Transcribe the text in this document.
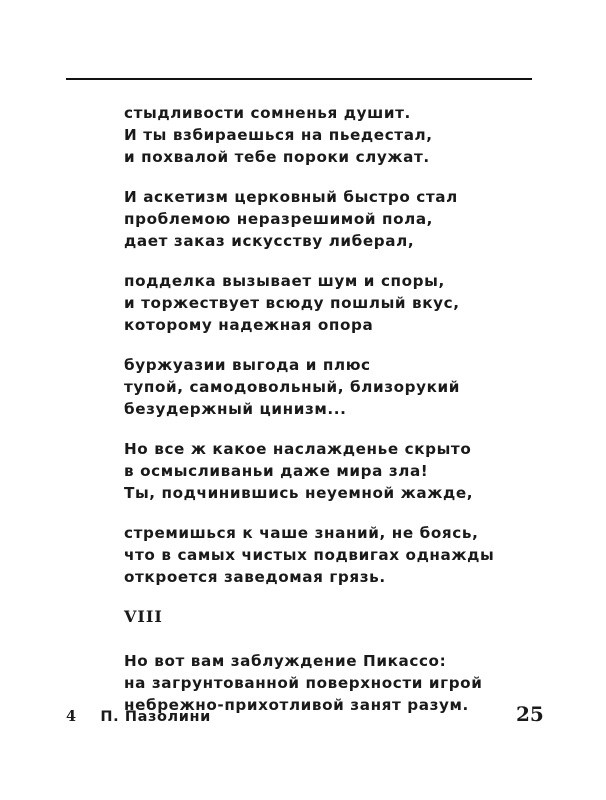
стыдливости сомненья душит.
И ты взбираешься на пьедестал,
и похвалой тебе пороки служат.
И аскетизм церковный быстро стал
проблемою неразрешимой пола,
дает заказ искусству либерал,
подделка вызывает шум и споры,
и торжествует всюду пошлый вкус,
которому надежная опора
буржуазии выгода и плюс
тупой, самодовольный, близорукий
безудержный цинизм...
Но все ж какое наслажденье скрыто
в осмысливаньи даже мира зла!
Ты, подчинившись неуемной жажде,
стремишься к чаше знаний, не боясь,
что в самых чистых подвигах однажды
откроется заведомая грязь.
VIII
Но вот вам заблуждение Пикассо:
на загрунтованной поверхности игрой
небрежно-прихотливой занят разум.
4 П. Пазолини	25
